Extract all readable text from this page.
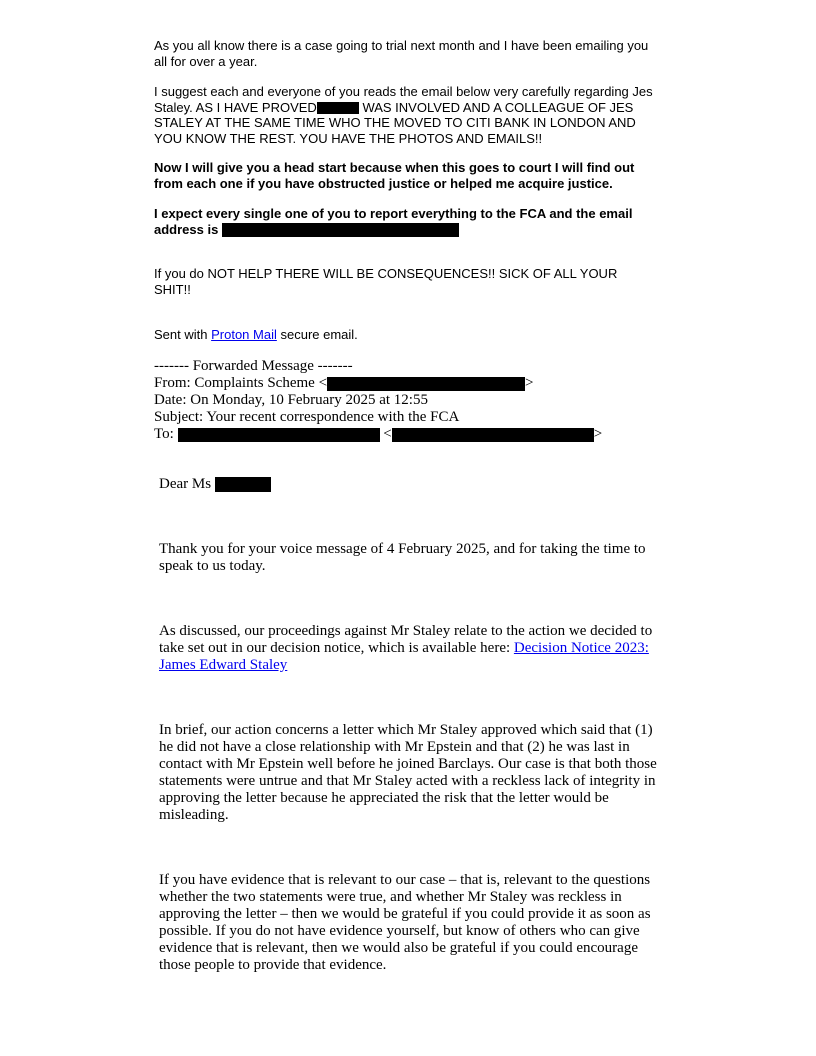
As you all know there is a case going to trial next month and I have been emailing you all for over a year.

I suggest each and everyone of you reads the email below very carefully regarding Jes Staley. AS I HAVE PROVED	WAS INVOLVED AND A COLLEAGUE OF JES STALEY AT THE SAME TIME WHO THE MOVED TO CITI BANK IN LONDON AND YOU KNOW THE REST. YOU HAVE THE PHOTOS AND EMAILS!!

Now I will give you a head start because when this goes to court I will find out from each one if you have obstructed justice or helped me acquire justice.

I expect every single one of you to report everything to the FCA and the email address is

If you do NOT HELP THERE WILL BE CONSEQUENCES!! SICK OF ALL YOUR SHIT!!

Sent with Proton Mail secure email.

------- Forwarded Message -------
From: Complaints Scheme <	>
Date: On Monday, 10 February 2025 at 12:55
Subject: Your recent correspondence with the FCA
To:	<	>

Dear Ms

Thank you for your voice message of 4 February 2025, and for taking the time to speak to us today.

As discussed, our proceedings against Mr Staley relate to the action we decided to take set out in our decision notice, which is available here: Decision Notice 2023: James Edward Staley

In brief, our action concerns a letter which Mr Staley approved which said that (1) he did not have a close relationship with Mr Epstein and that (2) he was last in contact with Mr Epstein well before he joined Barclays. Our case is that both those statements were untrue and that Mr Staley acted with a reckless lack of integrity in approving the letter because he appreciated the risk that the letter would be misleading.

If you have evidence that is relevant to our case – that is, relevant to the questions whether the two statements were true, and whether Mr Staley was reckless in approving the letter – then we would be grateful if you could provide it as soon as possible. If you do not have evidence yourself, but know of others who can give evidence that is relevant, then we would also be grateful if you could encourage those people to provide that evidence.
